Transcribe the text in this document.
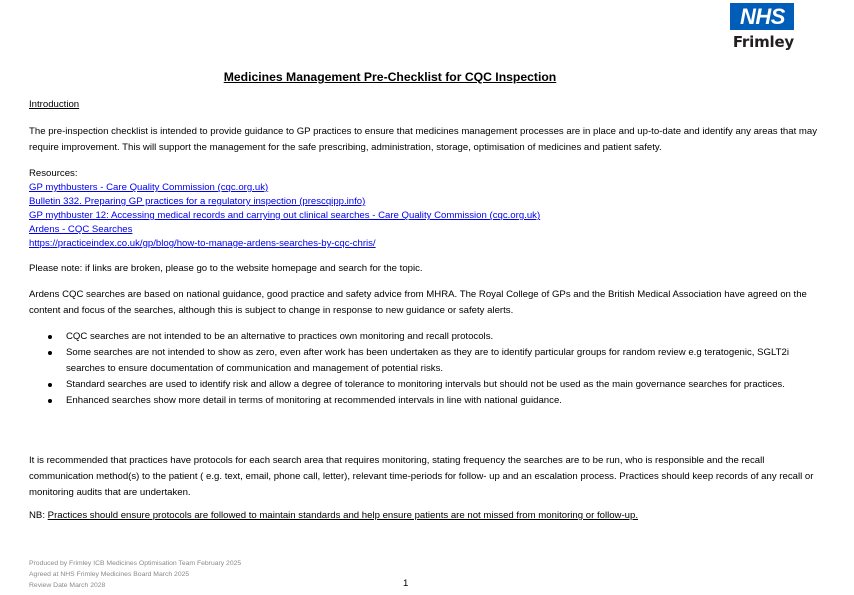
NHS
Frimley
Medicines Management Pre-Checklist for CQC Inspection
Introduction
The pre-inspection checklist is intended to provide guidance to GP practices to ensure that medicines management processes are in place and up-to-date and identify any areas that may require improvement. This will support the management for the safe prescribing, administration, storage, optimisation of medicines and patient safety.
Resources:
GP mythbusters - Care Quality Commission (cqc.org.uk)
Bulletin 332. Preparing GP practices for a regulatory inspection (prescqipp.info)
GP mythbuster 12: Accessing medical records and carrying out clinical searches - Care Quality Commission (cqc.org.uk)
Ardens - CQC Searches
https://practiceindex.co.uk/gp/blog/how-to-manage-ardens-searches-by-cqc-chris/
Please note: if links are broken, please go to the website homepage and search for the topic.
Ardens CQC searches are based on national guidance, good practice and safety advice from MHRA. The Royal College of GPs and the British Medical Association have agreed on the content and focus of the searches, although this is subject to change in response to new guidance or safety alerts.
CQC searches are not intended to be an alternative to practices own monitoring and recall protocols.
Some searches are not intended to show as zero, even after work has been undertaken as they are to identify particular groups for random review e.g teratogenic, SGLT2i searches to ensure documentation of communication and management of potential risks.
Standard searches are used to identify risk and allow a degree of tolerance to monitoring intervals but should not be used as the main governance searches for practices.
Enhanced searches show more detail in terms of monitoring at recommended intervals in line with national guidance.
It is recommended that practices have protocols for each search area that requires monitoring, stating frequency the searches are to be run, who is responsible and the recall communication method(s) to the patient ( e.g. text, email, phone call, letter), relevant time-periods for follow- up and an escalation process. Practices should keep records of any recall or monitoring audits that are undertaken.
NB: Practices should ensure protocols are followed to maintain standards and help ensure patients are not missed from monitoring or follow-up.
Produced by Frimley ICB Medicines Optimisation Team February 2025
Agreed at NHS Frimley Medicines Board March 2025
Review Date March 2028	1
